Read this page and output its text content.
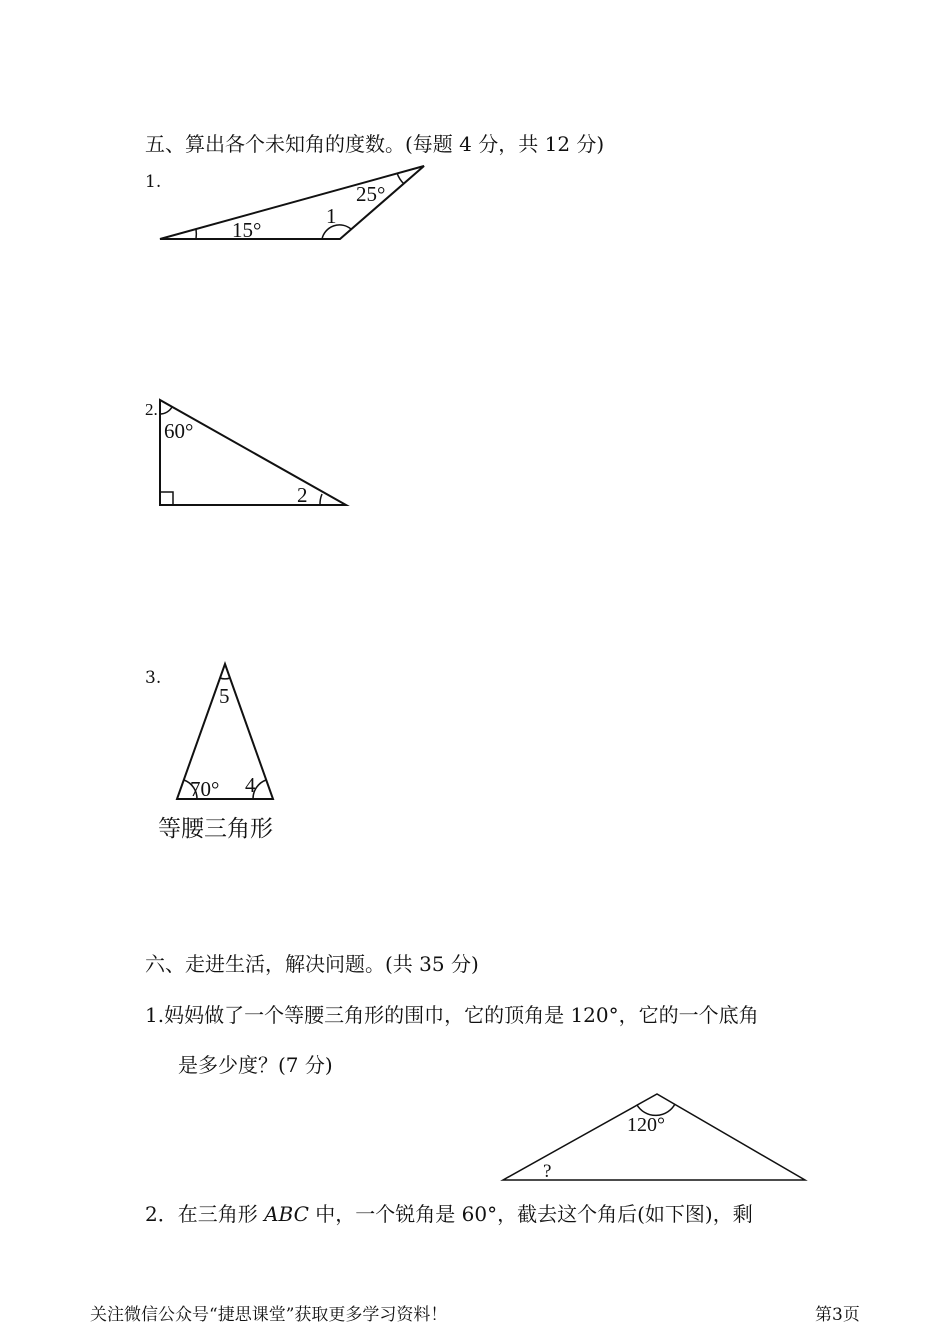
五、算出各个未知角的度数。(每题 4 分，共 12 分)
1.
15°
25°
1
2.
60°
2
3.
5
70° 4
等腰三角形
六、走进生活，解决问题。(共 35 分)
1.妈妈做了一个等腰三角形的围巾，它的顶角是 120°，它的一个底角
是多少度？(7 分)
120°
?
2．在三角形 ABC 中，一个锐角是 60°，截去这个角后(如下图)，剩
关注微信公众号“捷思课堂”获取更多学习资料！	第3页
